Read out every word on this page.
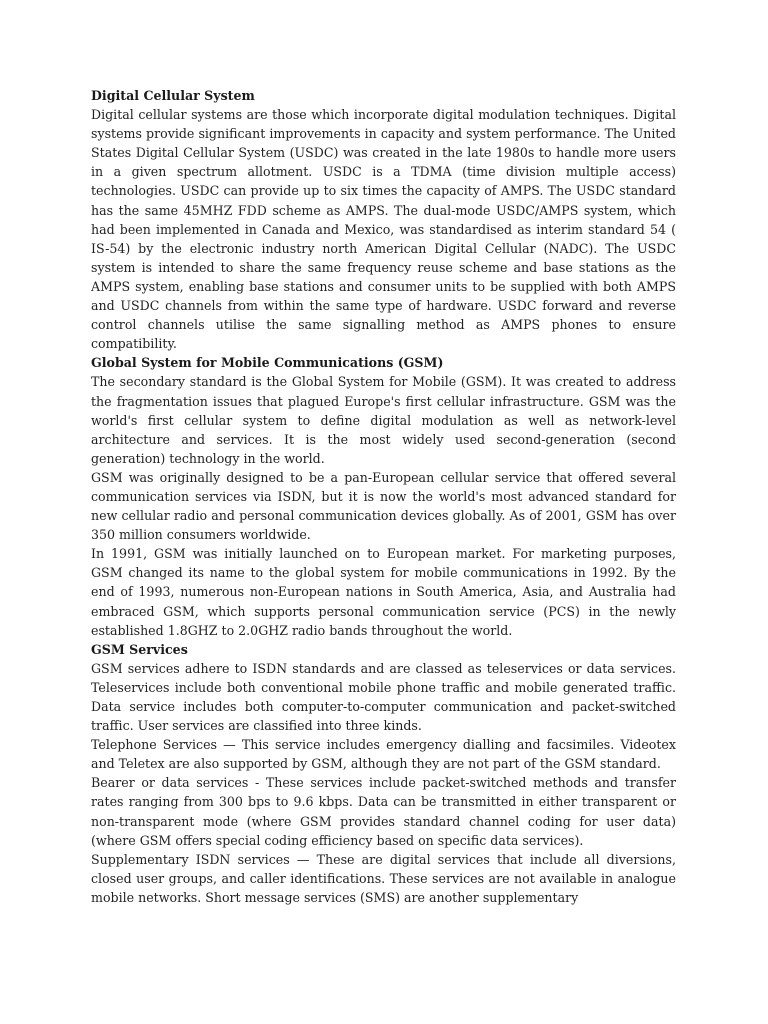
Digital Cellular System

Digital cellular systems are those which incorporate digital modulation techniques. Digital systems provide significant improvements in capacity and system performance. The United States Digital Cellular System (USDC) was created in the late 1980s to handle more users in a given spectrum allotment. USDC is a TDMA (time division multiple access) technologies. USDC can provide up to six times the capacity of AMPS. The USDC standard has the same 45MHZ FDD scheme as AMPS. The dual-mode USDC/AMPS system, which had been implemented in Canada and Mexico, was standardised as interim standard 54 ( IS-54) by the electronic industry north American Digital Cellular (NADC). The USDC system is intended to share the same frequency reuse scheme and base stations as the AMPS system, enabling base stations and consumer units to be supplied with both AMPS and USDC channels from within the same type of hardware. USDC forward and reverse control channels utilise the same signalling method as AMPS phones to ensure compatibility.

Global System for Mobile Communications (GSM)

The secondary standard is the Global System for Mobile (GSM). It was created to address the fragmentation issues that plagued Europe's first cellular infrastructure. GSM was the world's first cellular system to define digital modulation as well as network-level architecture and services. It is the most widely used second-generation (second generation) technology in the world.

GSM was originally designed to be a pan-European cellular service that offered several communication services via ISDN, but it is now the world's most advanced standard for new cellular radio and personal communication devices globally. As of 2001, GSM has over 350 million consumers worldwide.

In 1991, GSM was initially launched on to European market. For marketing purposes, GSM changed its name to the global system for mobile communications in 1992. By the end of 1993, numerous non-European nations in South America, Asia, and Australia had embraced GSM, which supports personal communication service (PCS) in the newly established 1.8GHZ to 2.0GHZ radio bands throughout the world.

GSM Services

GSM services adhere to ISDN standards and are classed as teleservices or data services. Teleservices include both conventional mobile phone traffic and mobile generated traffic. Data service includes both computer-to-computer communication and packet-switched traffic. User services are classified into three kinds.

Telephone Services — This service includes emergency dialling and facsimiles. Videotex and Teletex are also supported by GSM, although they are not part of the GSM standard.

Bearer or data services - These services include packet-switched methods and transfer rates ranging from 300 bps to 9.6 kbps. Data can be transmitted in either transparent or non-transparent mode (where GSM provides standard channel coding for user data) (where GSM offers special coding efficiency based on specific data services).

Supplementary ISDN services — These are digital services that include all diversions, closed user groups, and caller identifications. These services are not available in analogue mobile networks. Short message services (SMS) are another supplementary
